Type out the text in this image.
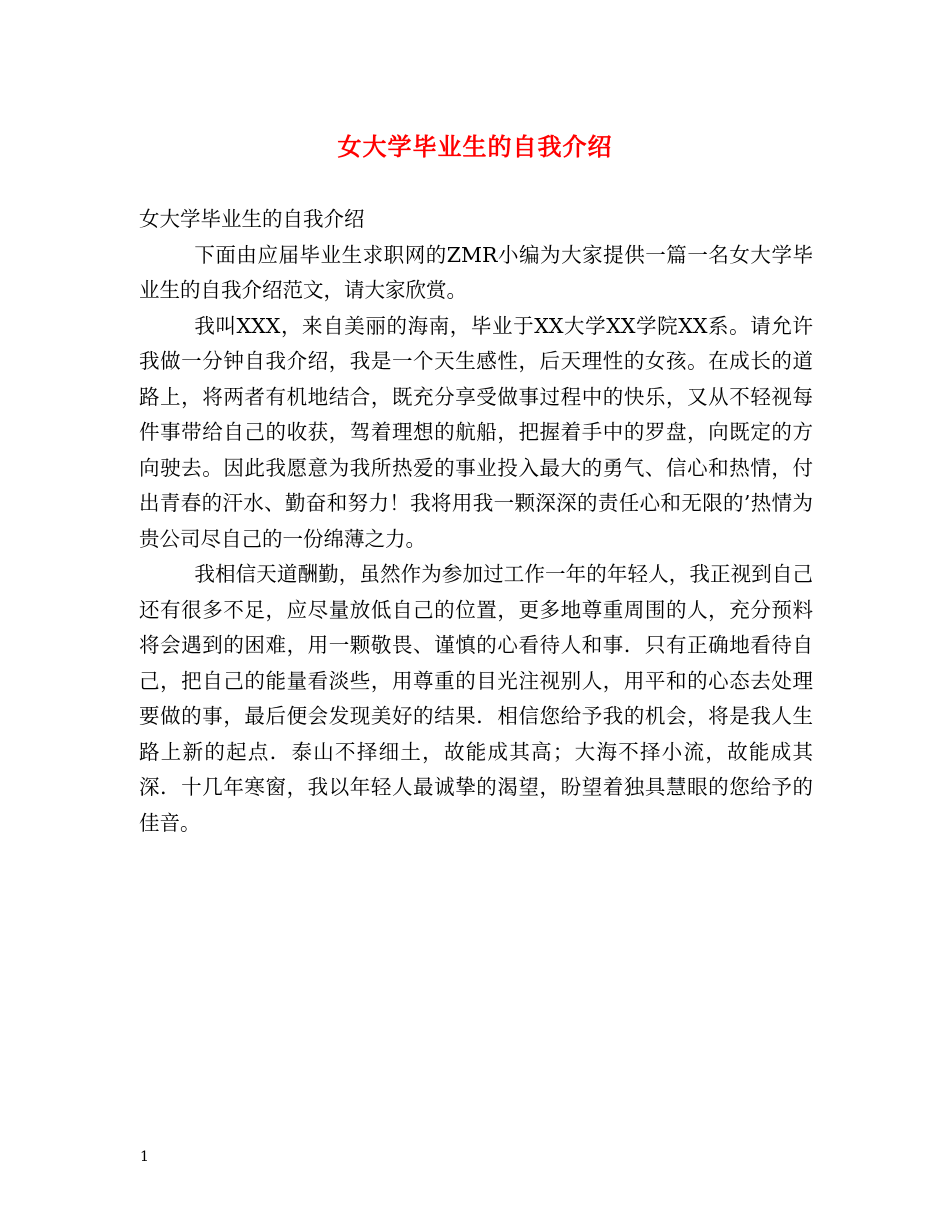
女大学毕业生的自我介绍

女大学毕业生的自我介绍

下面由应届毕业生求职网的ZMR小编为大家提供一篇一名女大学毕业生的自我介绍范文，请大家欣赏。

我叫XXX，来自美丽的海南，毕业于XX大学XX学院XX系。请允许我做一分钟自我介绍，我是一个天生感性，后天理性的女孩。在成长的道路上，将两者有机地结合，既充分享受做事过程中的快乐，又从不轻视每件事带给自己的收获，驾着理想的航船，把握着手中的罗盘，向既定的方向驶去。因此我愿意为我所热爱的事业投入最大的勇气、信心和热情，付出青春的汗水、勤奋和努力！我将用我一颗深深的责任心和无限的’热情为贵公司尽自己的一份绵薄之力。

我相信天道酬勤，虽然作为参加过工作一年的年轻人，我正视到自己还有很多不足，应尽量放低自己的位置，更多地尊重周围的人，充分预料将会遇到的困难，用一颗敬畏、谨慎的心看待人和事．只有正确地看待自己，把自己的能量看淡些，用尊重的目光注视别人，用平和的心态去处理要做的事，最后便会发现美好的结果．相信您给予我的机会，将是我人生路上新的起点．泰山不择细土，故能成其高；大海不择小流，故能成其深．十几年寒窗，我以年轻人最诚挚的渴望，盼望着独具慧眼的您给予的佳音。

1
